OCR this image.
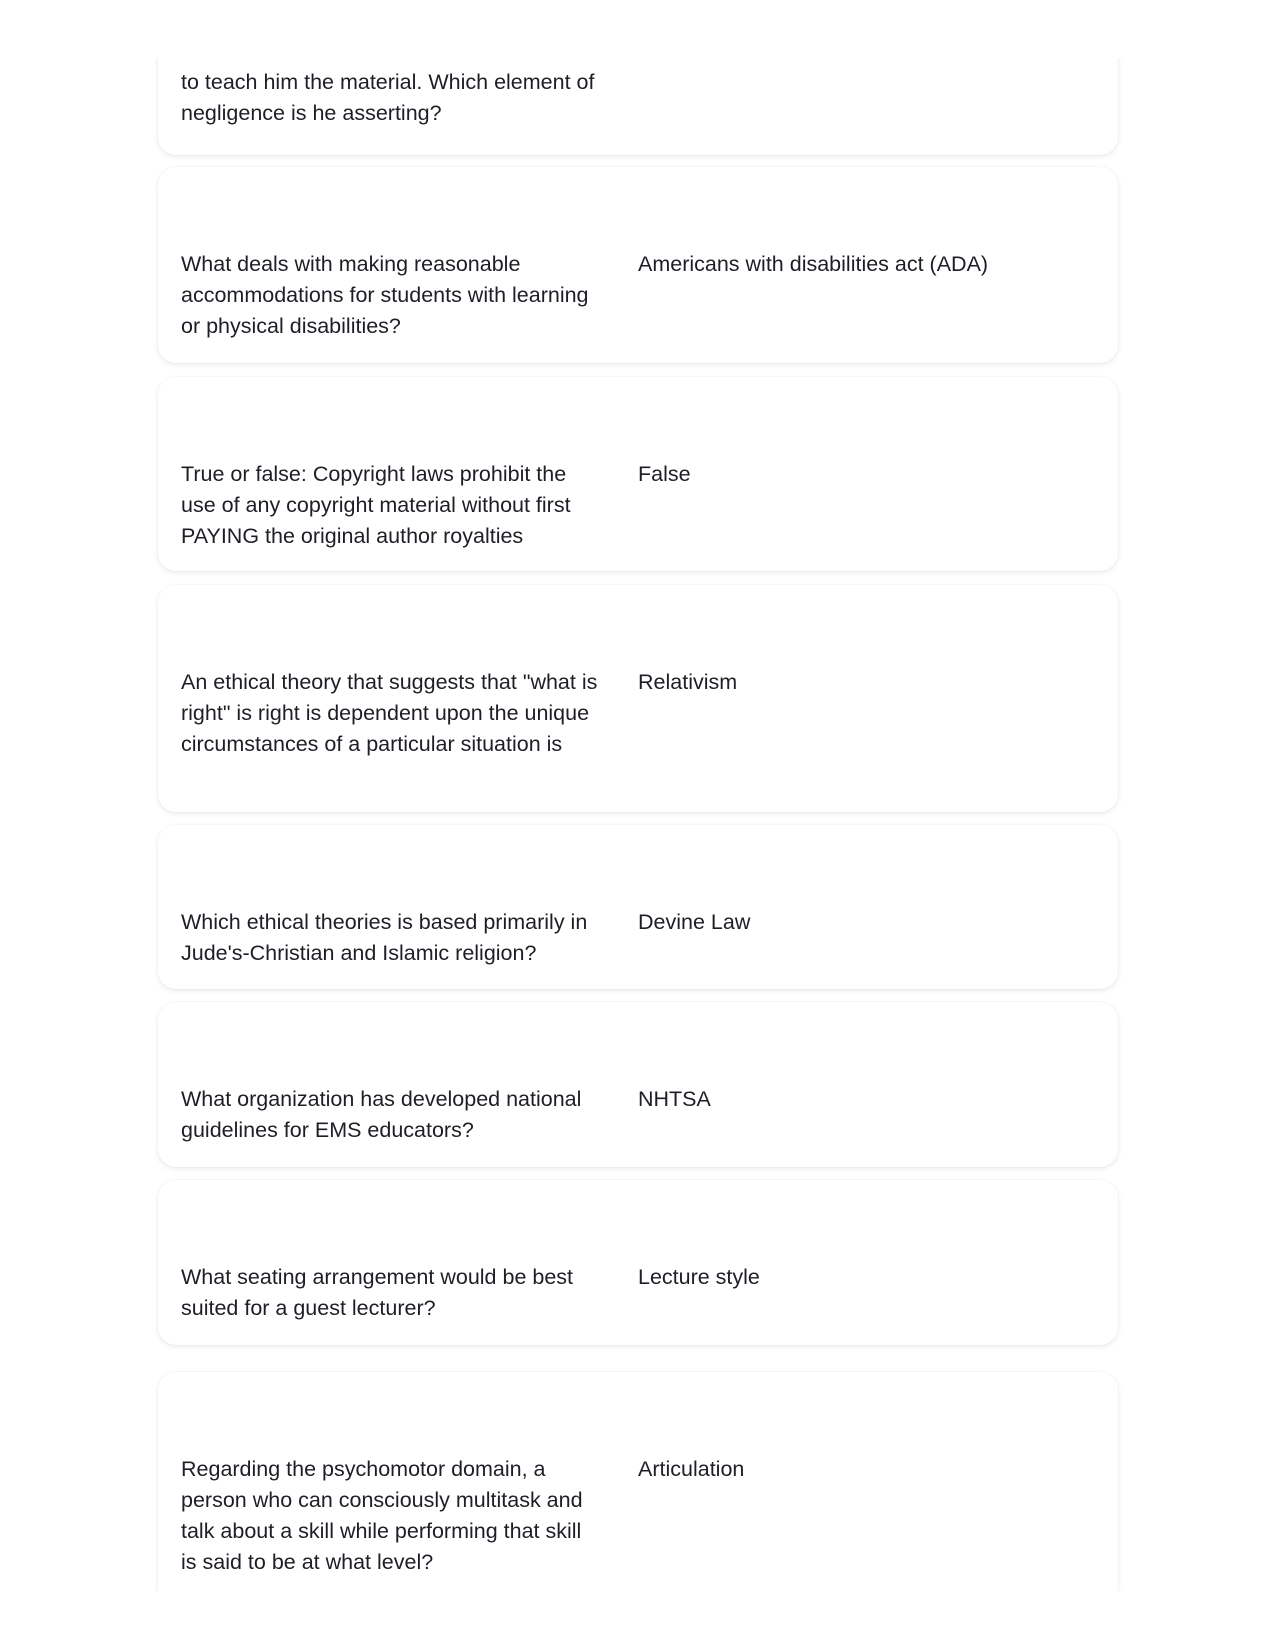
to teach him the material. Which element of negligence is he asserting?
What deals with making reasonable accommodations for students with learning or physical disabilities?
Americans with disabilities act (ADA)
True or false: Copyright laws prohibit the use of any copyright material without first PAYING the original author royalties
False
An ethical theory that suggests that "what is right" is right is dependent upon the unique circumstances of a particular situation is
Relativism
Which ethical theories is based primarily in Jude's-Christian and Islamic religion?
Devine Law
What organization has developed national guidelines for EMS educators?
NHTSA
What seating arrangement would be best suited for a guest lecturer?
Lecture style
Regarding the psychomotor domain, a person who can consciously multitask and talk about a skill while performing that skill is said to be at what level?
Articulation
